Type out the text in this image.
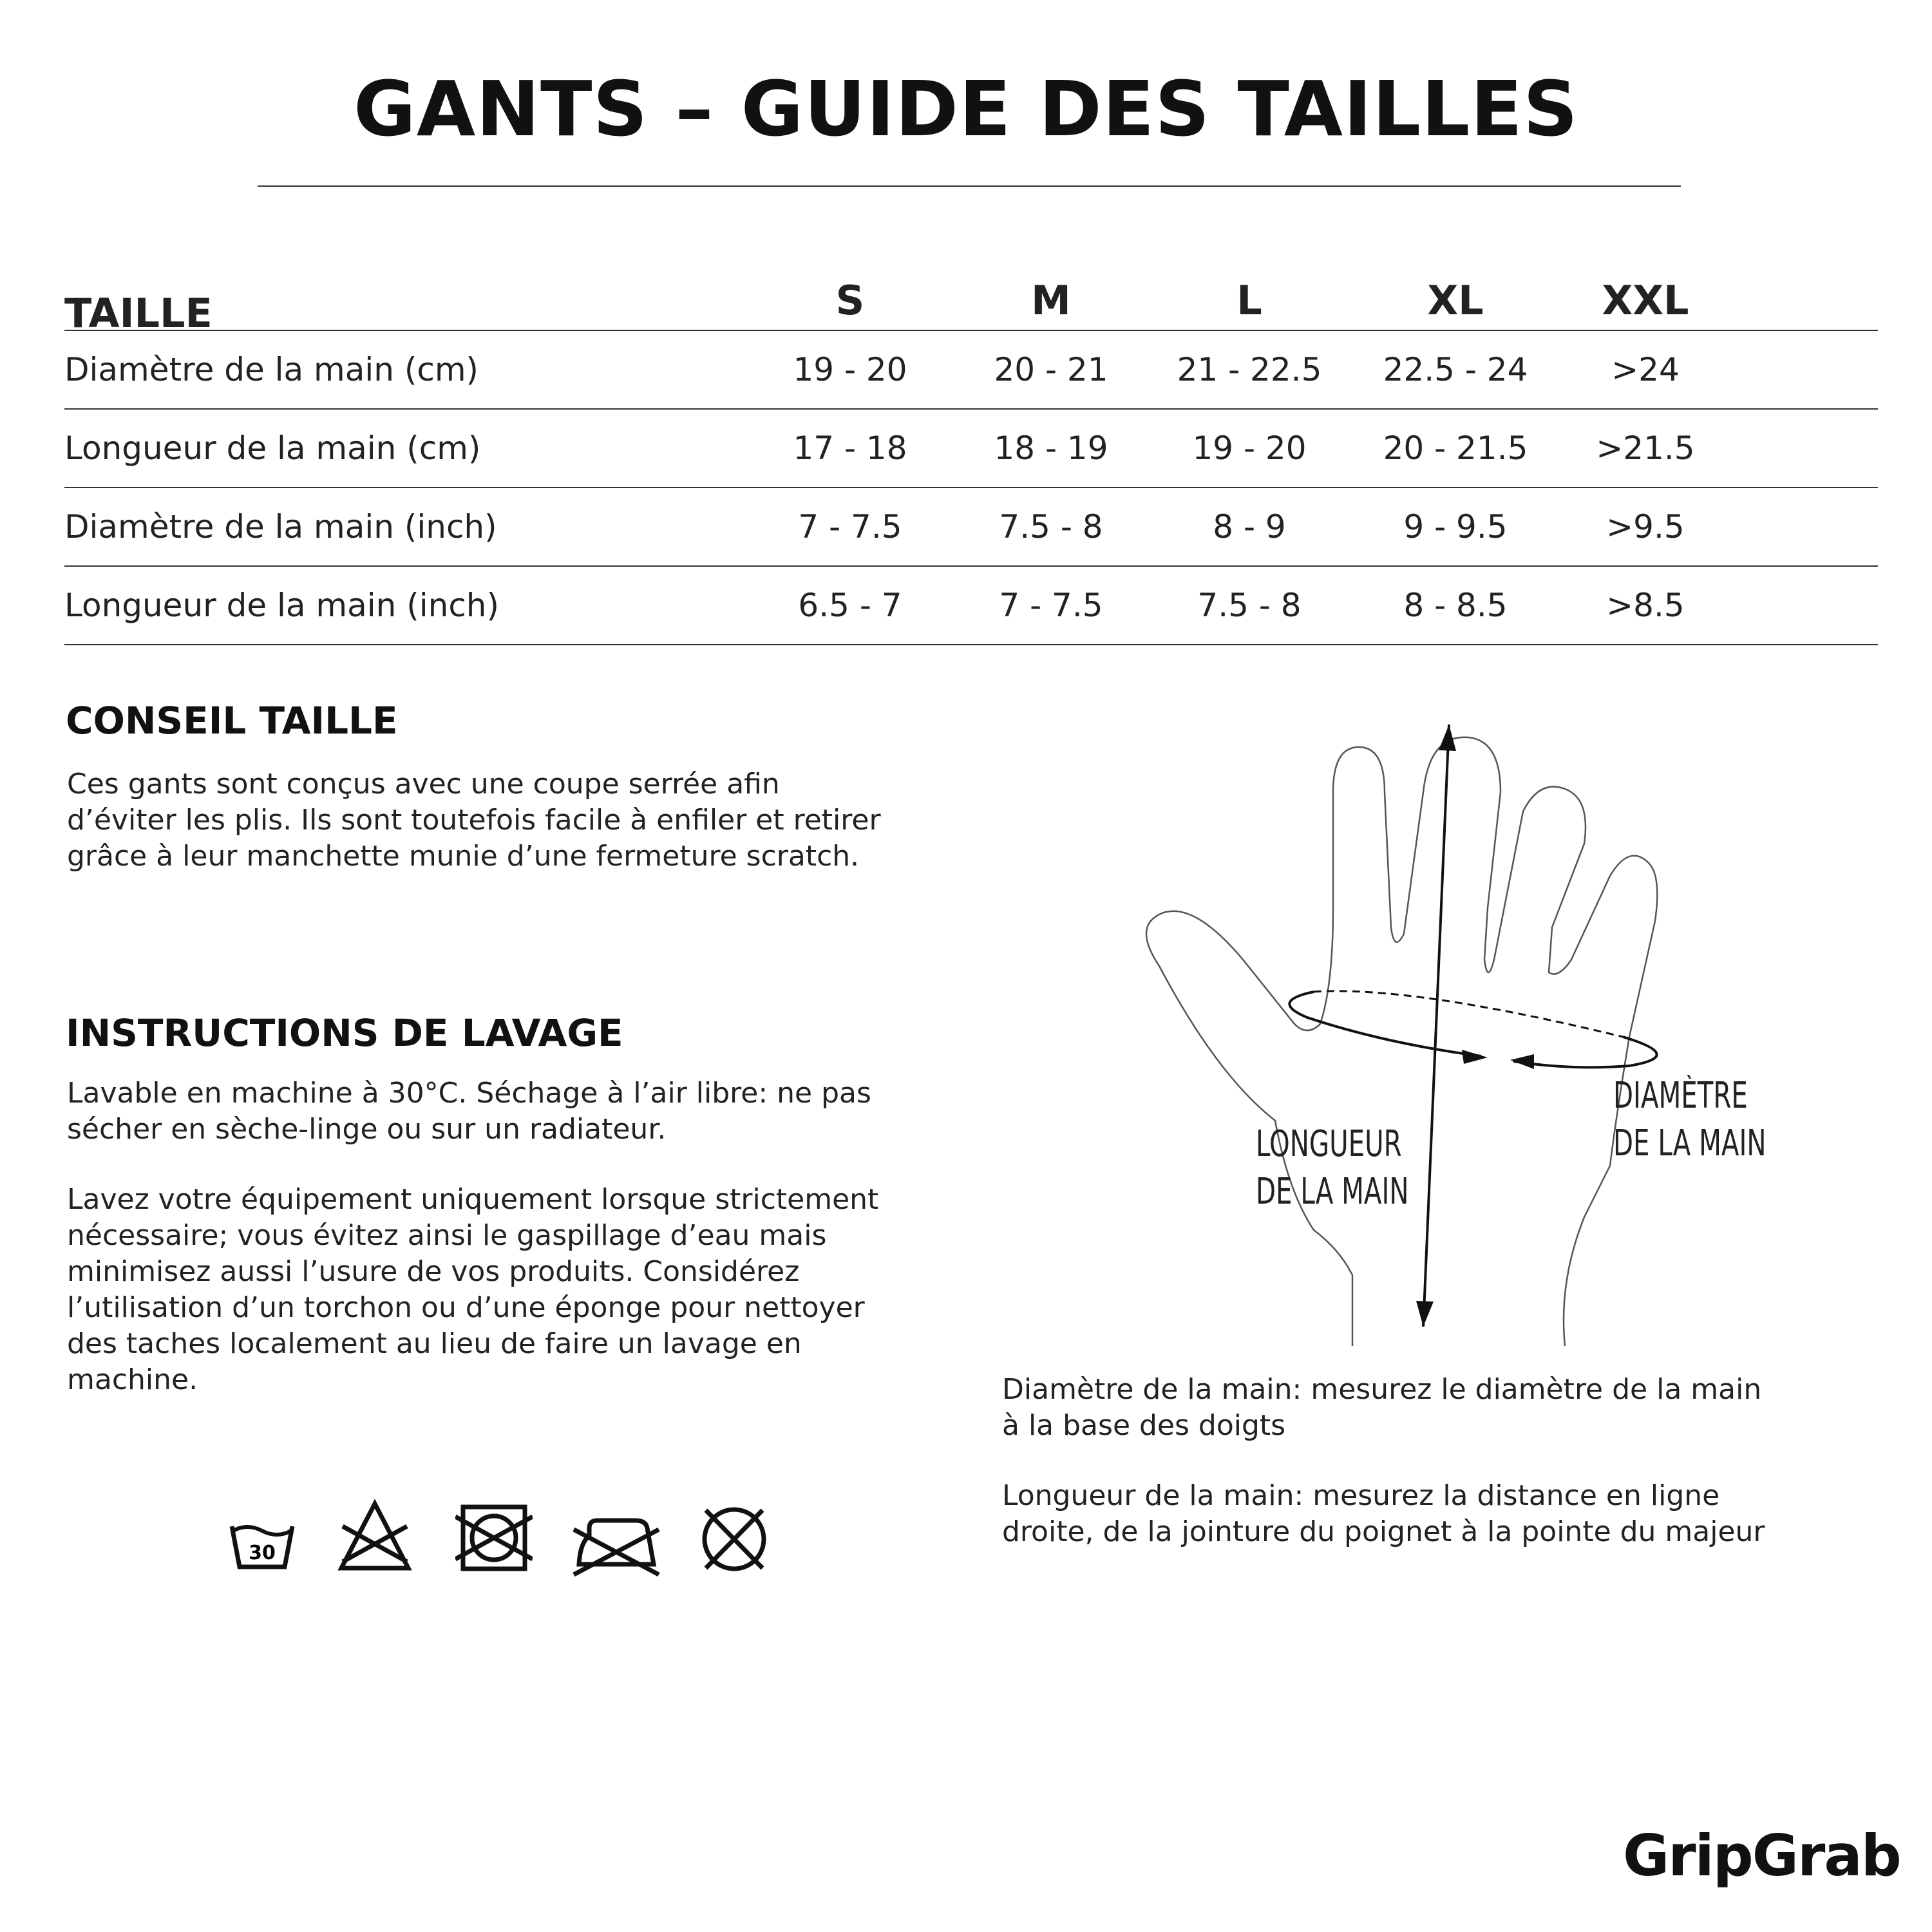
GANTS – GUIDE DES TAILLES
TAILLE	S	M	L	XL	XXL
Diamètre de la main (cm)	19 - 20	20 - 21	21 - 22.5	22.5 - 24	>24
Longueur de la main (cm)	17 - 18	18 - 19	19 - 20	20 - 21.5	>21.5
Diamètre de la main (inch)	7 - 7.5	7.5 - 8	8 - 9	9 - 9.5	>9.5
Longueur de la main (inch)	6.5 - 7	7 - 7.5	7.5 - 8	8 - 8.5	>8.5
CONSEIL TAILLE

Ces gants sont conçus avec une coupe serrée afin d’éviter les plis. Ils sont toutefois facile à enfiler et retirer grâce à leur manchette munie d’une fermeture scratch.

INSTRUCTIONS DE LAVAGE

Lavable en machine à 30°C. Séchage à l’air libre: ne pas sécher en sèche-linge ou sur un radiateur.

Lavez votre équipement uniquement lorsque strictement nécessaire; vous évitez ainsi le gaspillage d’eau mais minimisez aussi l’usure de vos produits. Considérez l’utilisation d’un torchon ou d’une éponge pour nettoyer des taches localement au lieu de faire un lavage en machine.

30
LONGUEUR
DE LA MAIN
DIAMÈTRE
DE LA MAIN

Diamètre de la main: mesurez le diamètre de la main à la base des doigts

Longueur de la main: mesurez la distance en ligne droite, de la jointure du poignet à la pointe du majeur

GripGrab
